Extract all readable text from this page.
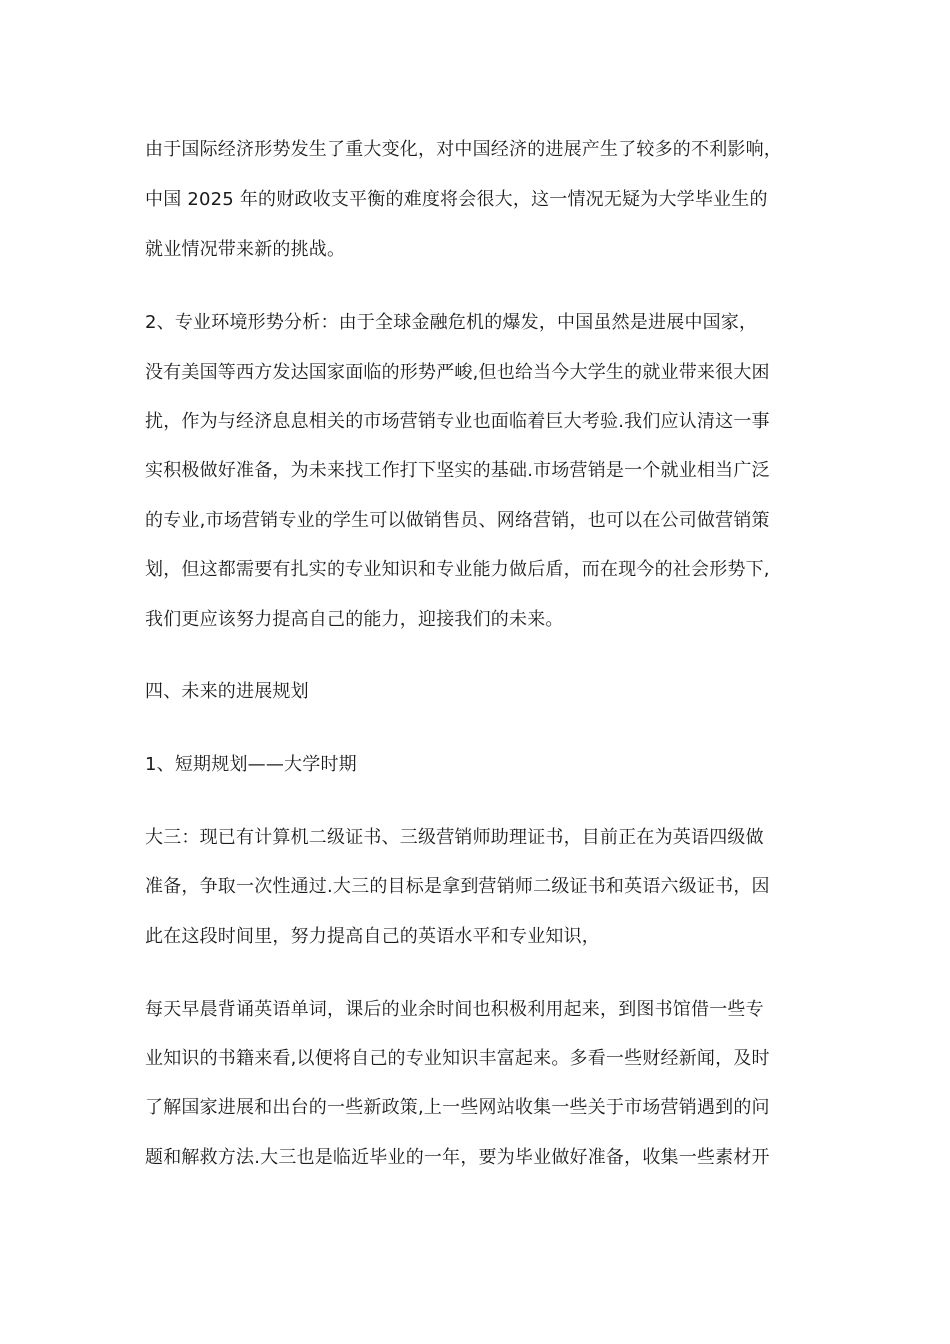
由于国际经济形势发生了重大变化，对中国经济的进展产生了较多的不利影响，
中国 2025 年的财政收支平衡的难度将会很大，这一情况无疑为大学毕业生的
就业情况带来新的挑战。
2、专业环境形势分析：由于全球金融危机的爆发，中国虽然是进展中国家，
没有美国等西方发达国家面临的形势严峻,但也给当今大学生的就业带来很大困
扰，作为与经济息息相关的市场营销专业也面临着巨大考验.我们应认清这一事
实积极做好准备，为未来找工作打下坚实的基础.市场营销是一个就业相当广泛
的专业,市场营销专业的学生可以做销售员、网络营销，也可以在公司做营销策
划，但这都需要有扎实的专业知识和专业能力做后盾，而在现今的社会形势下,
我们更应该努力提高自己的能力，迎接我们的未来。
四、未来的进展规划
1、短期规划——大学时期
大三：现已有计算机二级证书、三级营销师助理证书，目前正在为英语四级做
准备，争取一次性通过.大三的目标是拿到营销师二级证书和英语六级证书，因
此在这段时间里，努力提高自己的英语水平和专业知识，
每天早晨背诵英语单词，课后的业余时间也积极利用起来，到图书馆借一些专
业知识的书籍来看,以便将自己的专业知识丰富起来。多看一些财经新闻，及时
了解国家进展和出台的一些新政策,上一些网站收集一些关于市场营销遇到的问
题和解救方法.大三也是临近毕业的一年，要为毕业做好准备，收集一些素材开
